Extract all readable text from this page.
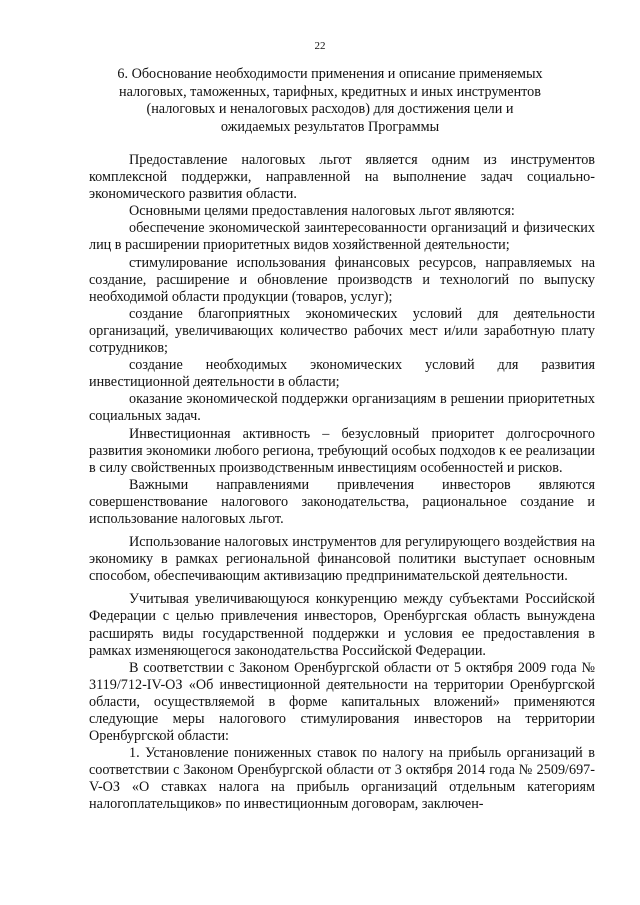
22
6. Обоснование необходимости применения и описание применяемых
налоговых, таможенных, тарифных, кредитных и иных инструментов
(налоговых и неналоговых расходов) для достижения цели и
ожидаемых результатов Программы

Предоставление налоговых льгот является одним из инструментов комплексной поддержки, направленной на выполнение задач социально-экономического развития области.

Основными целями предоставления налоговых льгот являются:

обеспечение экономической заинтересованности организаций и физических лиц в расширении приоритетных видов хозяйственной деятельности;

стимулирование использования финансовых ресурсов, направляемых на создание, расширение и обновление производств и технологий по выпуску необходимой области продукции (товаров, услуг);

создание благоприятных экономических условий для деятельности организаций, увеличивающих количество рабочих мест и/или заработную плату сотрудников;

создание необходимых экономических условий для развития инвестиционной деятельности в области;

оказание экономической поддержки организациям в решении приоритетных социальных задач.

Инвестиционная активность – безусловный приоритет долгосрочного развития экономики любого региона, требующий особых подходов к ее реализации в силу свойственных производственным инвестициям особенностей и рисков.

Важными направлениями привлечения инвесторов являются совершенствование налогового законодательства, рациональное создание и использование налоговых льгот.

Использование налоговых инструментов для регулирующего воздействия на экономику в рамках региональной финансовой политики выступает основным способом, обеспечивающим активизацию предпринимательской деятельности.

Учитывая увеличивающуюся конкуренцию между субъектами Российской Федерации с целью привлечения инвесторов, Оренбургская область вынуждена расширять виды государственной поддержки и условия ее предоставления в рамках изменяющегося законодательства Российской Федерации.

В соответствии с Законом Оренбургской области от 5 октября 2009 года № 3119/712-IV-ОЗ «Об инвестиционной деятельности на территории Оренбургской области, осуществляемой в форме капитальных вложений» применяются следующие меры налогового стимулирования инвесторов на территории Оренбургской области:

1. Установление пониженных ставок по налогу на прибыль организаций в соответствии с Законом Оренбургской области от 3 октября 2014 года № 2509/697-V-ОЗ «О ставках налога на прибыль организаций отдельным категориям налогоплательщиков» по инвестиционным договорам, заключен-
